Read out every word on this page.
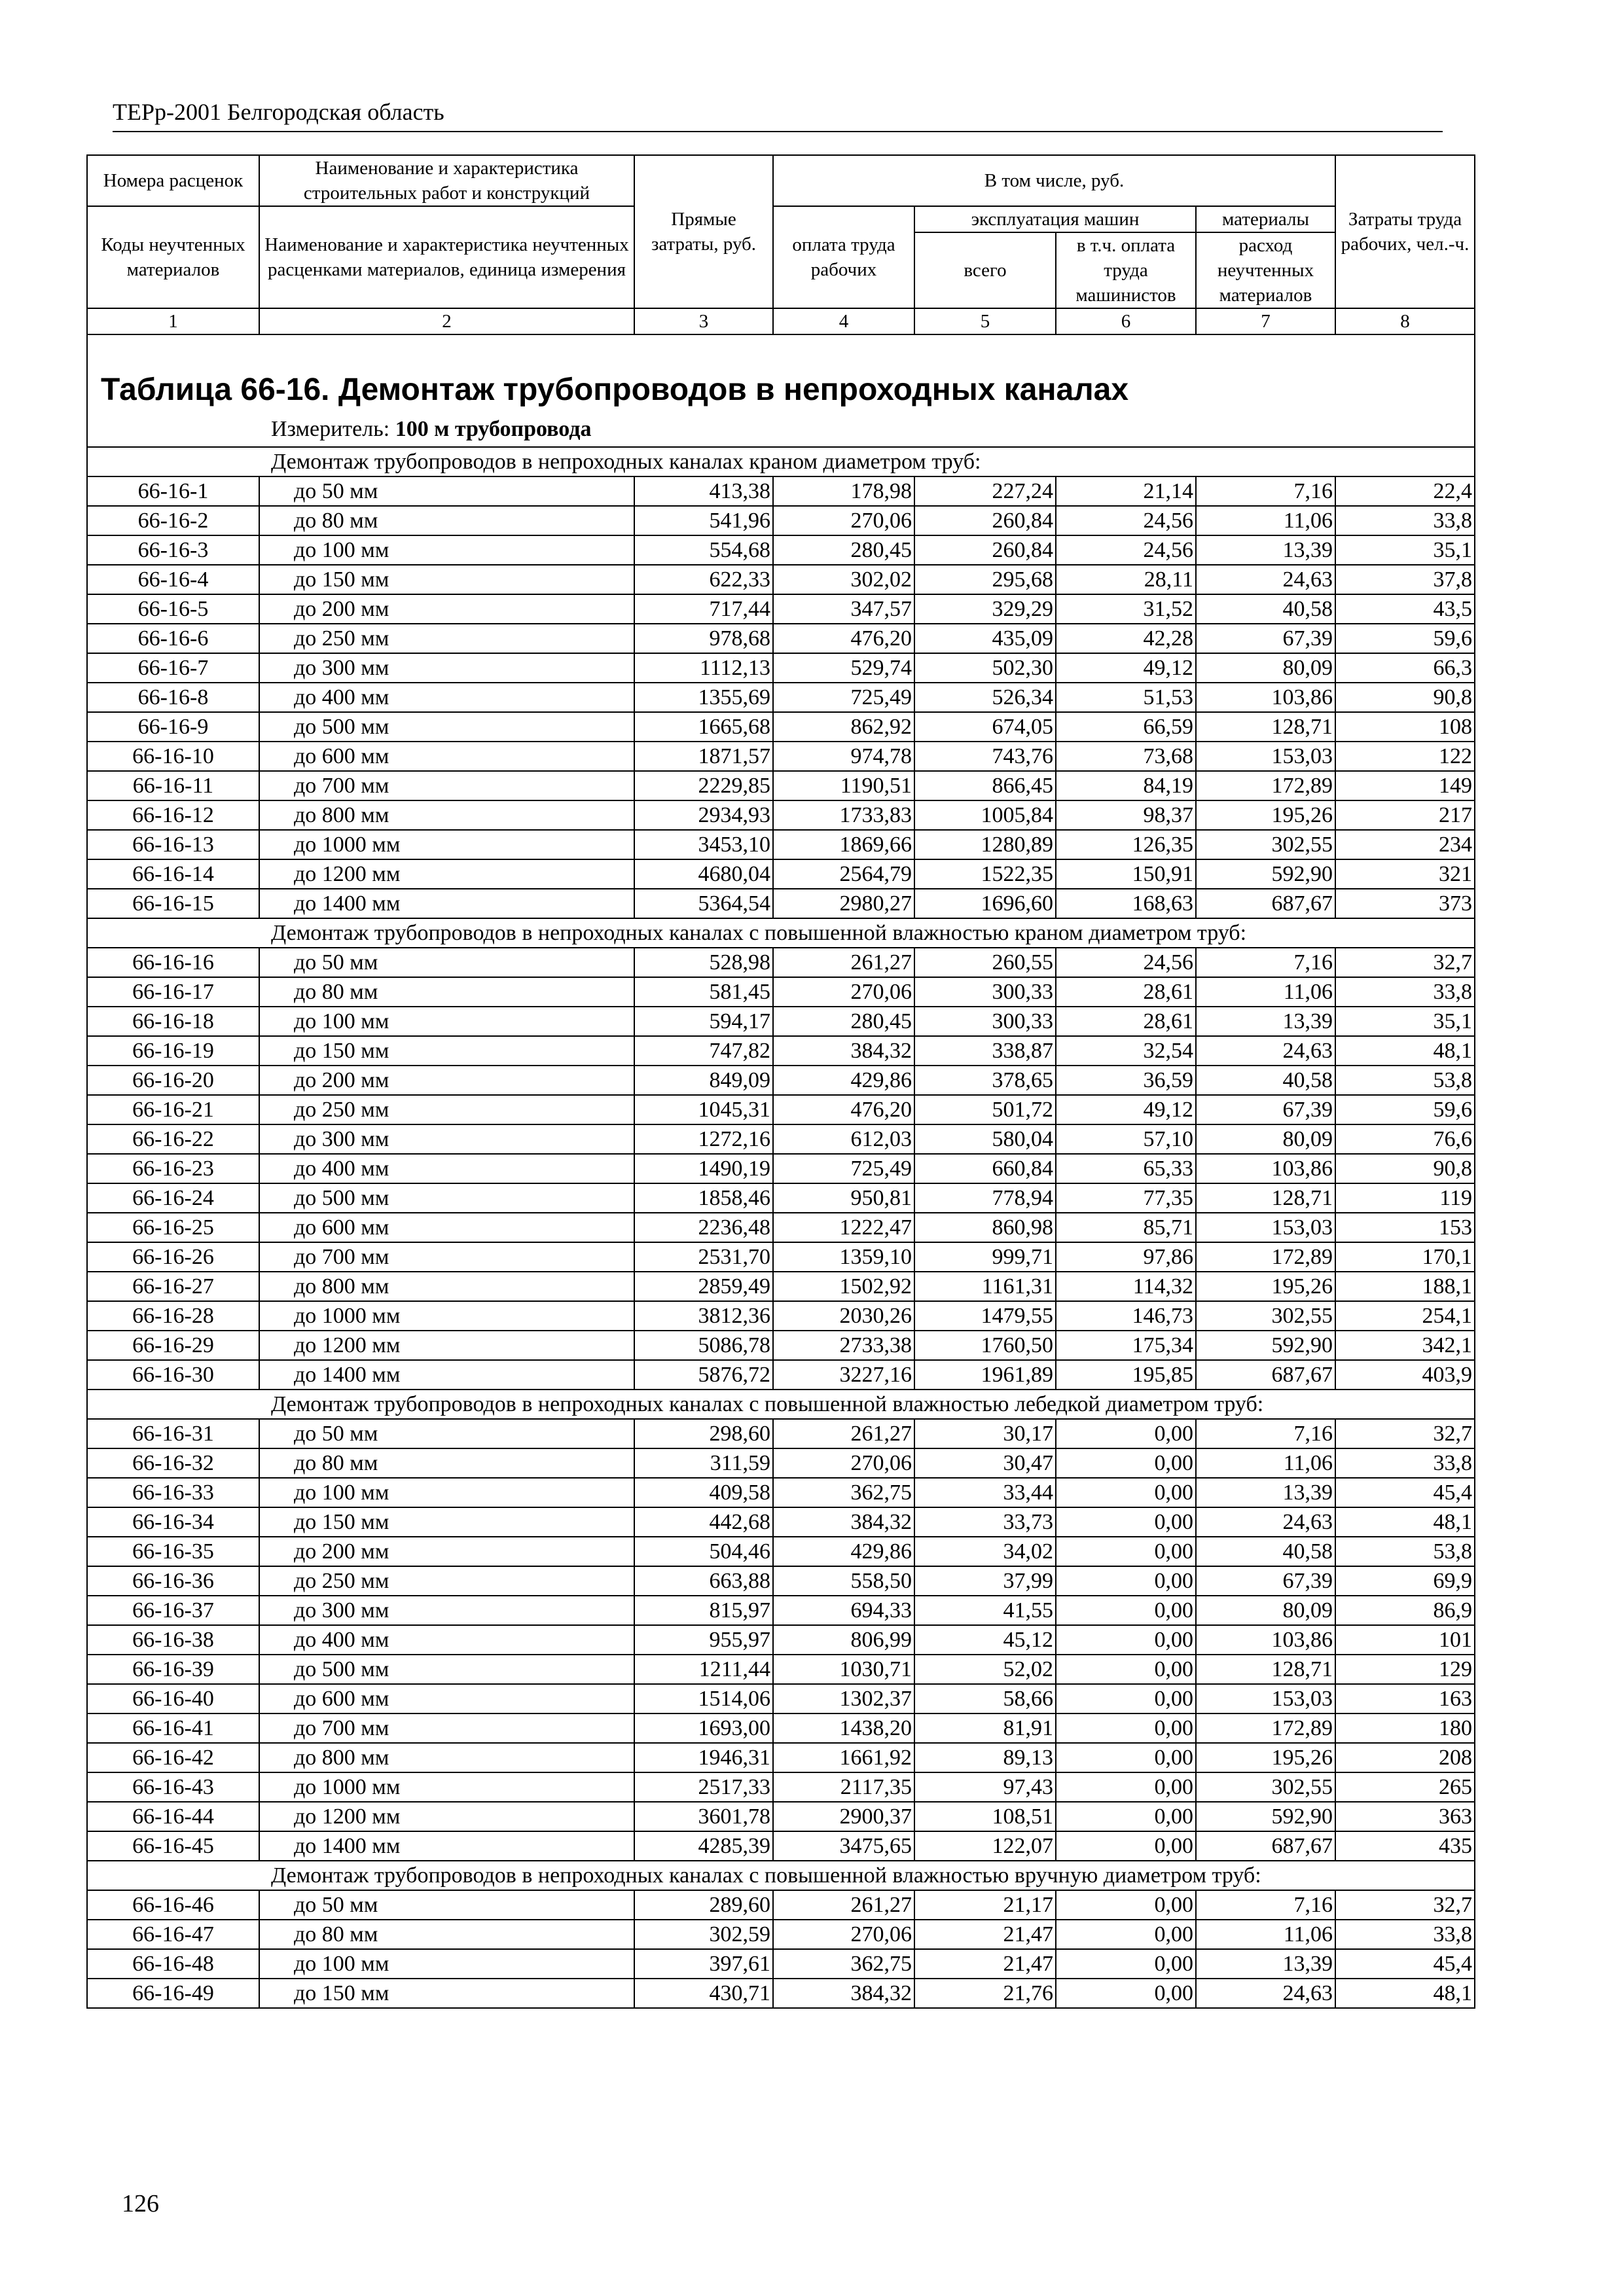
ТЕРр-2001 Белгородская область
Номера расценок	Наименование и характеристика строительных работ и конструкций	Прямые затраты, руб.	В том числе, руб.				Затраты труда рабочих, чел.-ч.
Коды неучтенных материалов	Наименование и характеристика неучтенных расценками материалов, единица измерения		оплата труда рабочих	эксплуатация машин		материалы	
				всего	в т.ч. оплата труда машинистов	расход неучтенных материалов	
1	2	3	4	5	6	7	8

Таблица 66-16. Демонтаж трубопроводов в непроходных каналах							

Измеритель: 100 м трубопровода							
Демонтаж трубопроводов в непроходных каналах краном диаметром труб:							
66-16-1	до 50 мм	413,38	178,98	227,24	21,14	7,16	22,4
66-16-2	до 80 мм	541,96	270,06	260,84	24,56	11,06	33,8
66-16-3	до 100 мм	554,68	280,45	260,84	24,56	13,39	35,1
66-16-4	до 150 мм	622,33	302,02	295,68	28,11	24,63	37,8
66-16-5	до 200 мм	717,44	347,57	329,29	31,52	40,58	43,5
66-16-6	до 250 мм	978,68	476,20	435,09	42,28	67,39	59,6
66-16-7	до 300 мм	1112,13	529,74	502,30	49,12	80,09	66,3
66-16-8	до 400 мм	1355,69	725,49	526,34	51,53	103,86	90,8
66-16-9	до 500 мм	1665,68	862,92	674,05	66,59	128,71	108
66-16-10	до 600 мм	1871,57	974,78	743,76	73,68	153,03	122
66-16-11	до 700 мм	2229,85	1190,51	866,45	84,19	172,89	149
66-16-12	до 800 мм	2934,93	1733,83	1005,84	98,37	195,26	217
66-16-13	до 1000 мм	3453,10	1869,66	1280,89	126,35	302,55	234
66-16-14	до 1200 мм	4680,04	2564,79	1522,35	150,91	592,90	321
66-16-15	до 1400 мм	5364,54	2980,27	1696,60	168,63	687,67	373
Демонтаж трубопроводов в непроходных каналах с повышенной влажностью краном диаметром труб:							
66-16-16	до 50 мм	528,98	261,27	260,55	24,56	7,16	32,7
66-16-17	до 80 мм	581,45	270,06	300,33	28,61	11,06	33,8
66-16-18	до 100 мм	594,17	280,45	300,33	28,61	13,39	35,1
66-16-19	до 150 мм	747,82	384,32	338,87	32,54	24,63	48,1
66-16-20	до 200 мм	849,09	429,86	378,65	36,59	40,58	53,8
66-16-21	до 250 мм	1045,31	476,20	501,72	49,12	67,39	59,6
66-16-22	до 300 мм	1272,16	612,03	580,04	57,10	80,09	76,6
66-16-23	до 400 мм	1490,19	725,49	660,84	65,33	103,86	90,8
66-16-24	до 500 мм	1858,46	950,81	778,94	77,35	128,71	119
66-16-25	до 600 мм	2236,48	1222,47	860,98	85,71	153,03	153
66-16-26	до 700 мм	2531,70	1359,10	999,71	97,86	172,89	170,1
66-16-27	до 800 мм	2859,49	1502,92	1161,31	114,32	195,26	188,1
66-16-28	до 1000 мм	3812,36	2030,26	1479,55	146,73	302,55	254,1
66-16-29	до 1200 мм	5086,78	2733,38	1760,50	175,34	592,90	342,1
66-16-30	до 1400 мм	5876,72	3227,16	1961,89	195,85	687,67	403,9
Демонтаж трубопроводов в непроходных каналах с повышенной влажностью лебедкой диаметром труб:							
66-16-31	до 50 мм	298,60	261,27	30,17	0,00	7,16	32,7
66-16-32	до 80 мм	311,59	270,06	30,47	0,00	11,06	33,8
66-16-33	до 100 мм	409,58	362,75	33,44	0,00	13,39	45,4
66-16-34	до 150 мм	442,68	384,32	33,73	0,00	24,63	48,1
66-16-35	до 200 мм	504,46	429,86	34,02	0,00	40,58	53,8
66-16-36	до 250 мм	663,88	558,50	37,99	0,00	67,39	69,9
66-16-37	до 300 мм	815,97	694,33	41,55	0,00	80,09	86,9
66-16-38	до 400 мм	955,97	806,99	45,12	0,00	103,86	101
66-16-39	до 500 мм	1211,44	1030,71	52,02	0,00	128,71	129
66-16-40	до 600 мм	1514,06	1302,37	58,66	0,00	153,03	163
66-16-41	до 700 мм	1693,00	1438,20	81,91	0,00	172,89	180
66-16-42	до 800 мм	1946,31	1661,92	89,13	0,00	195,26	208
66-16-43	до 1000 мм	2517,33	2117,35	97,43	0,00	302,55	265
66-16-44	до 1200 мм	3601,78	2900,37	108,51	0,00	592,90	363
66-16-45	до 1400 мм	4285,39	3475,65	122,07	0,00	687,67	435
Демонтаж трубопроводов в непроходных каналах с повышенной влажностью вручную диаметром труб:							
66-16-46	до 50 мм	289,60	261,27	21,17	0,00	7,16	32,7
66-16-47	до 80 мм	302,59	270,06	21,47	0,00	11,06	33,8
66-16-48	до 100 мм	397,61	362,75	21,47	0,00	13,39	45,4
66-16-49	до 150 мм	430,71	384,32	21,76	0,00	24,63	48,1
126
